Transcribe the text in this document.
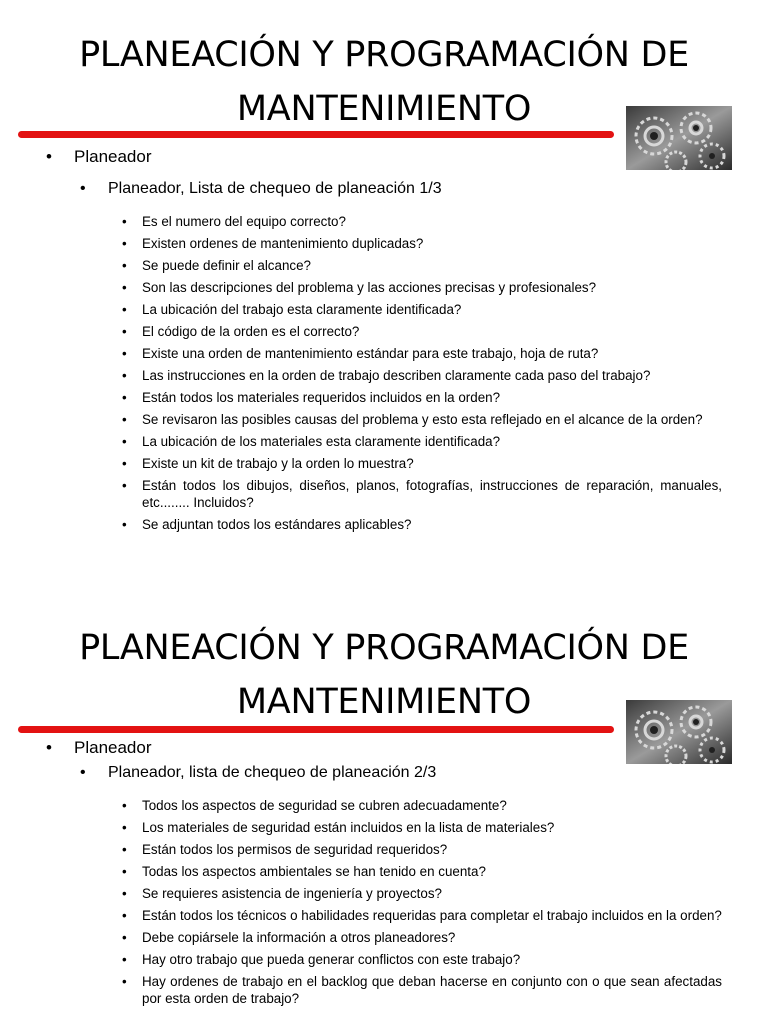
PLANEACIÓN Y PROGRAMACIÓN DE
MANTENIMIENTO
• Planeador
• Planeador, Lista de chequeo de planeación 1/3
• Es el numero del equipo correcto?
• Existen ordenes de mantenimiento duplicadas?
• Se puede definir el alcance?
• Son las descripciones del problema y las acciones precisas y profesionales?
• La ubicación del trabajo esta claramente identificada?
• El código de la orden es el correcto?
• Existe una orden de mantenimiento estándar para este trabajo, hoja de ruta?
• Las instrucciones en la orden de trabajo describen claramente cada paso del trabajo?
• Están todos los materiales requeridos incluidos en la orden?
• Se revisaron las posibles causas del problema y esto esta reflejado en el alcance de la orden?
• La ubicación de los materiales esta claramente identificada?
• Existe un kit de trabajo y la orden lo muestra?
• Están todos los dibujos, diseños, planos, fotografías, instrucciones de reparación, manuales, etc........ Incluidos?
• Se adjuntan todos los estándares aplicables?
PLANEACIÓN Y PROGRAMACIÓN DE
MANTENIMIENTO
• Planeador
• Planeador, lista de chequeo de planeación 2/3
• Todos los aspectos de seguridad se cubren adecuadamente?
• Los materiales de seguridad están incluidos en la lista de materiales?
• Están todos los permisos de seguridad requeridos?
• Todas los aspectos ambientales se han tenido en cuenta?
• Se requieres asistencia de ingeniería y proyectos?
• Están todos los técnicos o habilidades requeridas para completar el trabajo incluidos en la orden?
• Debe copiársele la información a otros planeadores?
• Hay otro trabajo que pueda generar conflictos con este trabajo?
• Hay ordenes de trabajo en el backlog que deban hacerse en conjunto con o que sean afectadas por esta orden de trabajo?
